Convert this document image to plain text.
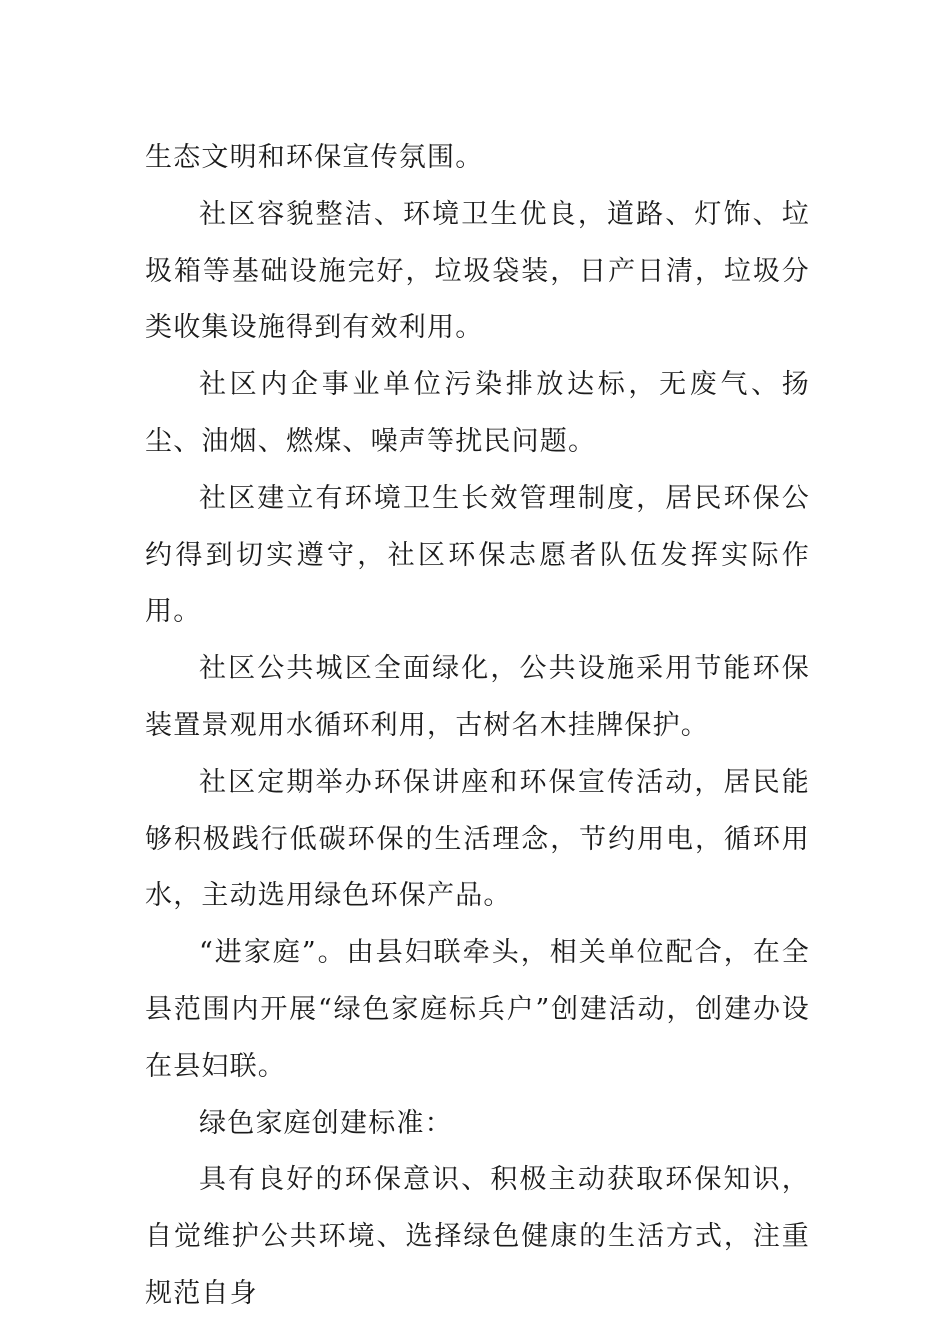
生态文明和环保宣传氛围。

社区容貌整洁、环境卫生优良，道路、灯饰、垃圾箱等基础设施完好，垃圾袋装，日产日清，垃圾分类收集设施得到有效利用。

社区内企事业单位污染排放达标，无废气、扬尘、油烟、燃煤、噪声等扰民问题。

社区建立有环境卫生长效管理制度，居民环保公约得到切实遵守，社区环保志愿者队伍发挥实际作用。

社区公共城区全面绿化，公共设施采用节能环保装置景观用水循环利用，古树名木挂牌保护。

社区定期举办环保讲座和环保宣传活动，居民能够积极践行低碳环保的生活理念，节约用电，循环用水，主动选用绿色环保产品。

“进家庭”。由县妇联牵头，相关单位配合，在全县范围内开展“绿色家庭标兵户”创建活动，创建办设在县妇联。

绿色家庭创建标准：

具有良好的环保意识、积极主动获取环保知识，自觉维护公共环境、选择绿色健康的生活方式，注重规范自身
